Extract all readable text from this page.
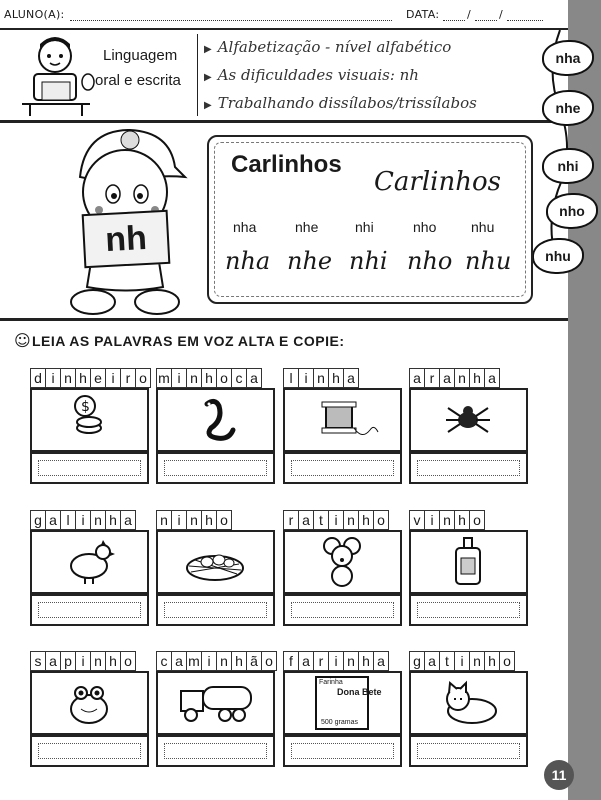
ALUNO(A):	DATA:	/	/
Linguagem
oral e escrita
▶ Alfabetização - nível alfabético
▶ As dificuldades visuais: nh
▶ Trabalhando dissílabos/trissílabos
nha
nhe
nhi
nho
nhu
nh
Carlinhos
Carlinhos
nha	nhe	nhi	nho nhu
nha nhe nhi nho nhu
☺ LEIA AS PALAVRAS EM VOZ ALTA E COPIE:
d i n h e i r o
$
m i n h o c a	l i n h a	a r a n h a
g a l i n h a n i n h o	r a t i n h o	v i n h o
s a p i n h o	c a m i n h ã o	f a r i n h a
Farinha
Dona Bete
500 gramas
g a t i n h o
11
